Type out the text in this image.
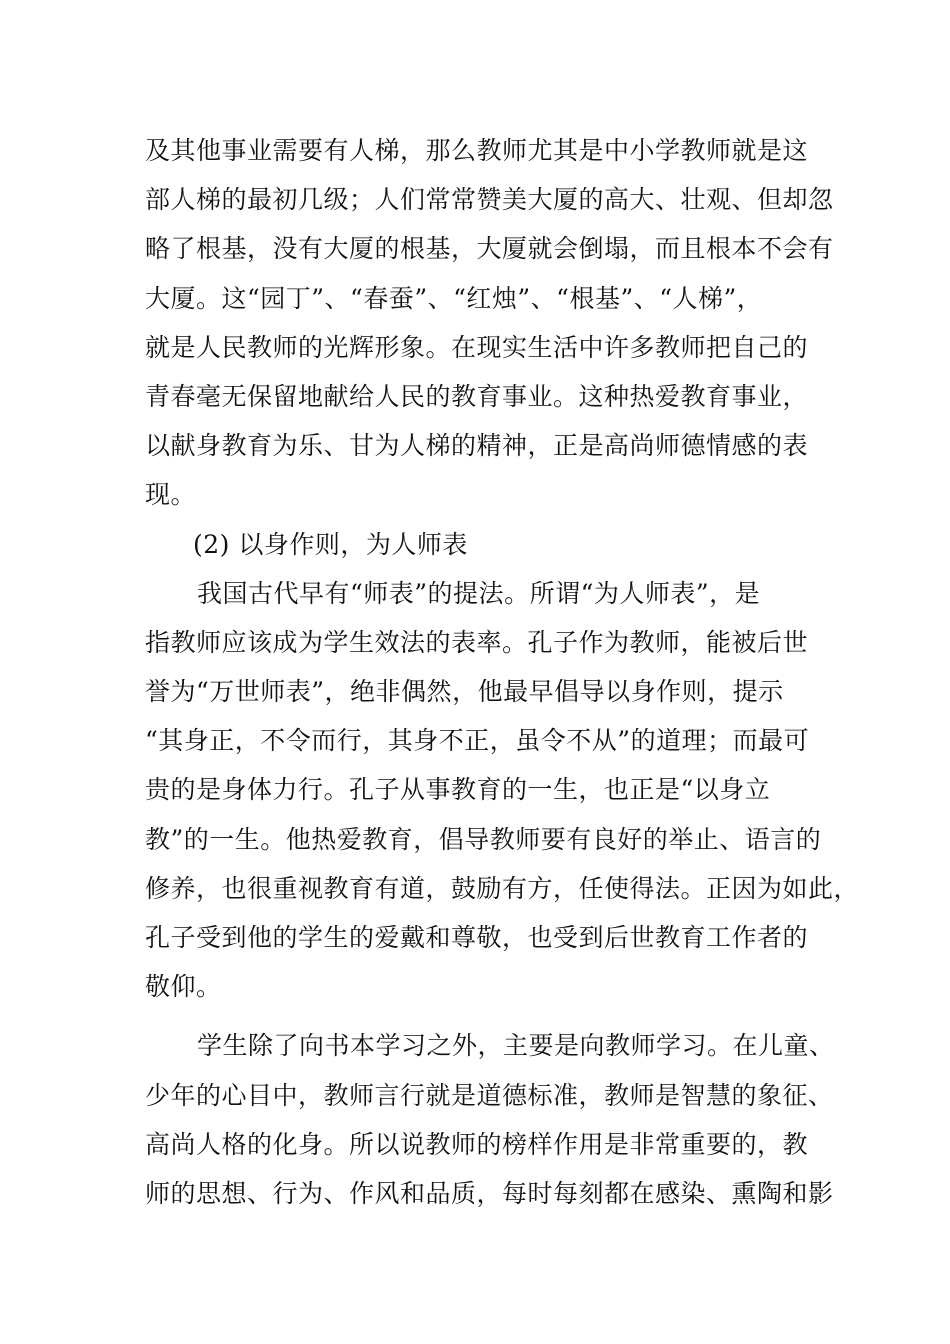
及其他事业需要有人梯，那么教师尤其是中小学教师就是这
部人梯的最初几级；人们常常赞美大厦的高大、壮观、但却忽
略了根基，没有大厦的根基，大厦就会倒塌，而且根本不会有
大厦。这“园丁”、“春蚕”、“红烛”、“根基”、“人梯”，
就是人民教师的光辉形象。在现实生活中许多教师把自己的
青春毫无保留地献给人民的教育事业。这种热爱教育事业，
以献身教育为乐、甘为人梯的精神，正是高尚师德情感的表
现。
(2) 以身作则，为人师表
我国古代早有“师表”的提法。所谓“为人师表”，是
指教师应该成为学生效法的表率。孔子作为教师，能被后世
誉为“万世师表”，绝非偶然，他最早倡导以身作则，提示
“其身正，不令而行，其身不正，虽令不从”的道理；而最可
贵的是身体力行。孔子从事教育的一生，也正是“以身立
教”的一生。他热爱教育，倡导教师要有良好的举止、语言的
修养，也很重视教育有道，鼓励有方，任使得法。正因为如此，
孔子受到他的学生的爱戴和尊敬，也受到后世教育工作者的
敬仰。
学生除了向书本学习之外，主要是向教师学习。在儿童、
少年的心目中，教师言行就是道德标准，教师是智慧的象征、
高尚人格的化身。所以说教师的榜样作用是非常重要的，教
师的思想、行为、作风和品质，每时每刻都在感染、熏陶和影
